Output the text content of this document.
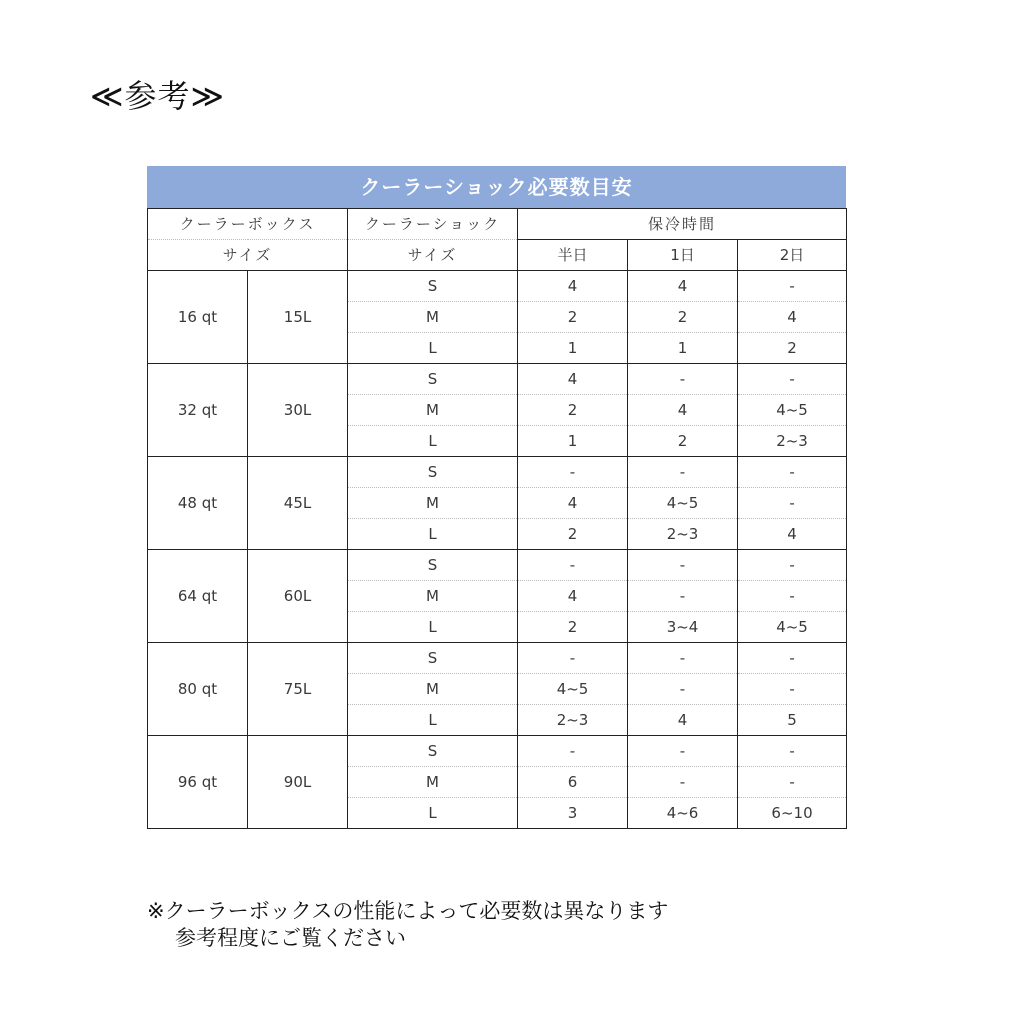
≪参考≫
クーラーショック必要数目安
クーラーボックス		クーラーショック	保冷時間		
サイズ		サイズ	半日	1日	2日
16 qt	15L	S	4	4	-
		M	2	2	4
		L	1	1	2
32 qt	30L	S	4	-	-
		M	2	4	4~5
		L	1	2	2~3
48 qt	45L	S	-	-	-
		M	4	4~5	-
		L	2	2~3	4
64 qt	60L	S	-	-	-
		M	4	-	-
		L	2	3~4	4~5
80 qt	75L	S	-	-	-
		M	4~5	-	-
		L	2~3	4	5
96 qt	90L	S	-	-	-
		M	6	-	-
		L	3	4~6	6~10
※クーラーボックスの性能によって必要数は異なります
参考程度にご覧ください
